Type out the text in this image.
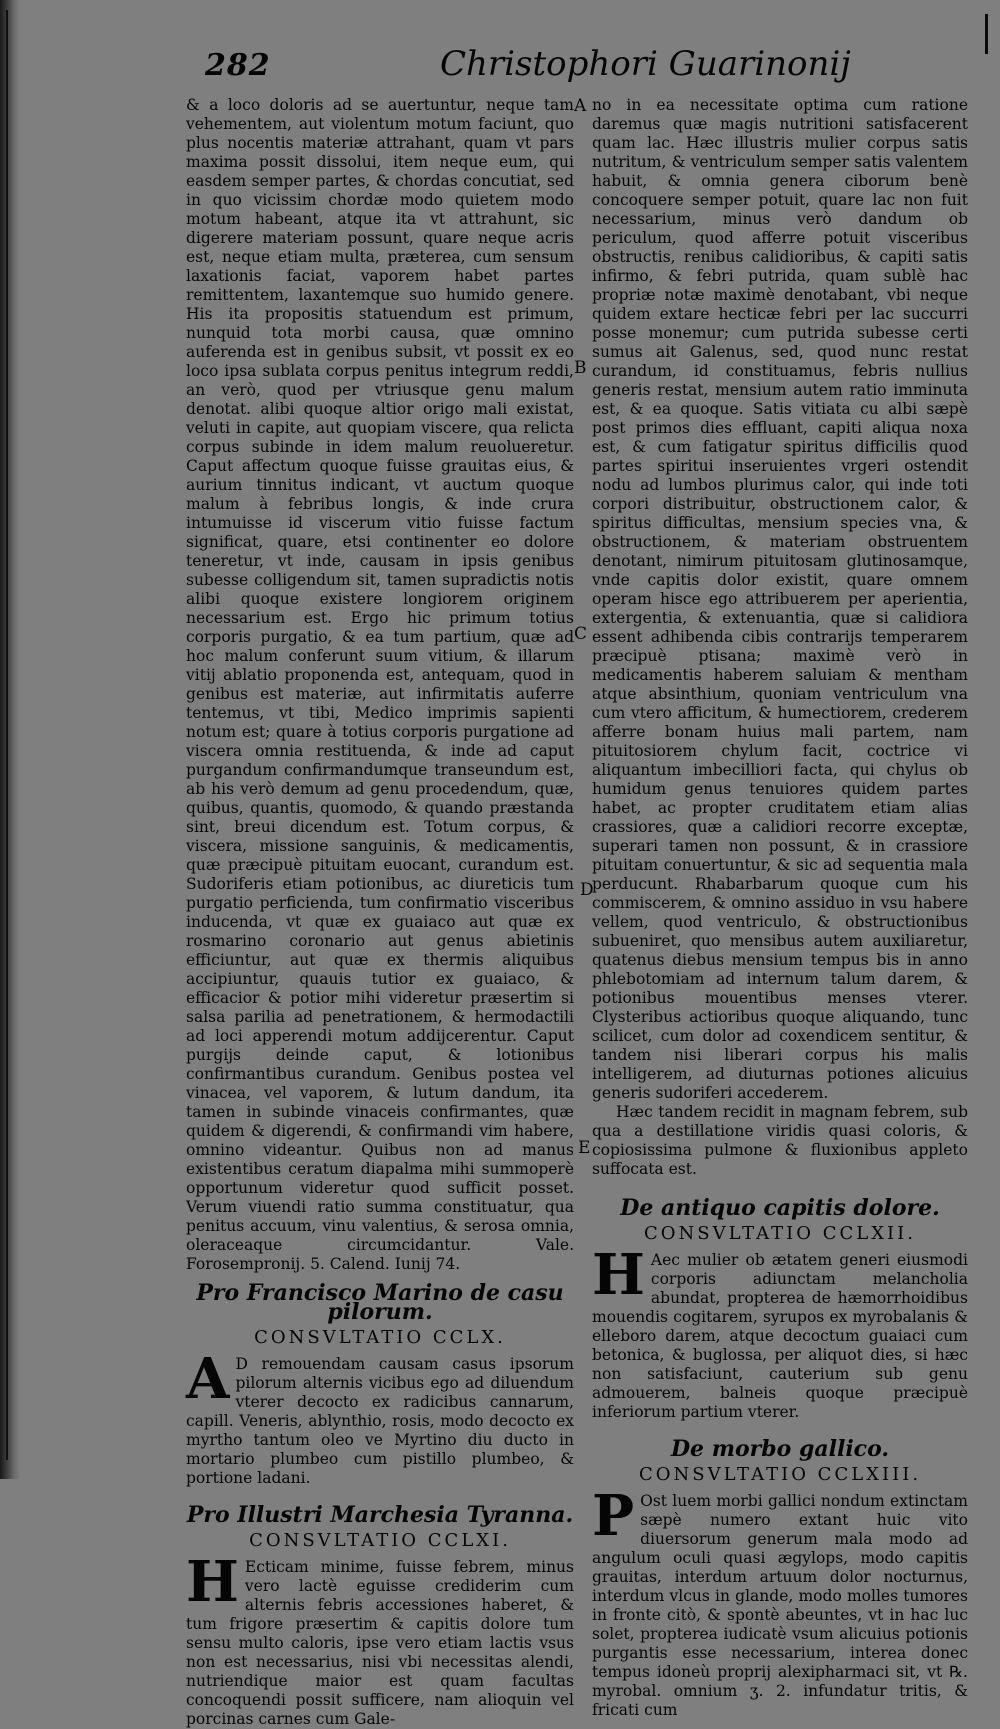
282	Christophori Guarinonij
A
B
C
D
E

& a loco doloris ad se auertuntur, neque tam vehementem, aut violentum motum faciunt, quo plus nocentis materiæ attrahant, quam vt pars maxima possit dissolui, item neque eum, qui easdem semper partes, & chordas concutiat, sed in quo vicissim chordæ modo quietem modo motum habeant, atque ita vt attrahunt, sic digerere materiam possunt, quare neque acris est, neque etiam multa, præterea, cum sensum laxationis faciat, vaporem habet partes remittentem, laxantemque suo humido genere. His ita propositis statuendum est primum, nunquid tota morbi causa, quæ omnino auferenda est in genibus subsit, vt possit ex eo loco ipsa sublata corpus penitus integrum reddi, an verò, quod per vtriusque genu malum denotat. alibi quoque altior origo mali existat, veluti in capite, aut quopiam viscere, qua relicta corpus subinde in idem malum reuolueretur. Caput affectum quoque fuisse grauitas eius, & aurium tinnitus indicant, vt auctum quoque malum à febribus longis, & inde crura intumuisse id viscerum vitio fuisse factum significat, quare, etsi continenter eo dolore teneretur, vt inde, causam in ipsis genibus subesse colligendum sit, tamen supradictis notis alibi quoque existere longiorem originem necessarium est. Ergo hic primum totius corporis purgatio, & ea tum partium, quæ ad hoc malum conferunt suum vitium, & illarum vitij ablatio proponenda est, antequam, quod in genibus est materiæ, aut infirmitatis auferre tentemus, vt tibi, Medico imprimis sapienti notum est; quare à totius corporis purgatione ad viscera omnia restituenda, & inde ad caput purgandum confirmandumque transeundum est, ab his verò demum ad genu procedendum, quæ, quibus, quantis, quomodo, & quando præstanda sint, breui dicendum est. Totum corpus, & viscera, missione sanguinis, & medicamentis, quæ præcipuè pituitam euocant, curandum est. Sudoriferis etiam potionibus, ac diureticis tum purgatio perficienda, tum confirmatio visceribus inducenda, vt quæ ex guaiaco aut quæ ex rosmarino coronario aut genus abietinis efficiuntur, aut quæ ex thermis aliquibus accipiuntur, quauis tutior ex guaiaco, & efficacior & potior mihi videretur præsertim si salsa parilia ad penetrationem, & hermodactili ad loci apperendi motum addijcerentur. Caput purgijs deinde caput, & lotionibus confirmantibus curandum. Genibus postea vel vinacea, vel vaporem, & lutum dandum, ita tamen in subinde vinaceis confirmantes, quæ quidem & digerendi, & confirmandi vim habere, omnino videantur. Quibus non ad manus existentibus ceratum diapalma mihi summoperè opportunum videretur quod sufficit posset. Verum viuendi ratio summa constituatur, qua penitus accuum, vinu valentius, & serosa omnia, oleraceaque circumcidantur. Vale. Forosempronij. 5. Calend. Iunij 74.

Pro Francisco Marino de casu pilorum.
CONSVLTATIO CCLX.

A D remouendam causam casus ipsorum pilorum alternis vicibus ego ad diluendum vterer decocto ex radicibus cannarum, capill. Veneris, ablynthio, rosis, modo decocto ex myrtho tantum oleo ve Myrtino diu ducto in mortario plumbeo cum pistillo plumbeo, & portione ladani.

Pro Illustri Marchesia Tyranna.
CONSVLTATIO CCLXI.

H Ecticam minime, fuisse febrem, minus vero lactè eguisse crediderim cum alternis febris accessiones haberet, & tum frigore præsertim & capitis dolore tum sensu multo caloris, ipse vero etiam lactis vsus non est necessarius, nisi vbi necessitas alendi, nutriendique maior est quam facultas concoquendi possit sufficere, nam alioquin vel porcinas carnes cum Gale-

no in ea necessitate optima cum ratione daremus quæ magis nutritioni satisfacerent quam lac. Hæc illustris mulier corpus satis nutritum, & ventriculum semper satis valentem habuit, & omnia genera ciborum benè concoquere semper potuit, quare lac non fuit necessarium, minus verò dandum ob periculum, quod afferre potuit visceribus obstructis, renibus calidioribus, & capiti satis infirmo, & febri putrida, quam sublè hac propriæ notæ maximè denotabant, vbi neque quidem extare hecticæ febri per lac succurri posse monemur; cum putrida subesse certi sumus ait Galenus, sed, quod nunc restat curandum, id constituamus, febris nullius generis restat, mensium autem ratio imminuta est, & ea quoque. Satis vitiata cu albi sæpè post primos dies effluant, capiti aliqua noxa est, & cum fatigatur spiritus difficilis quod partes spiritui inseruientes vrgeri ostendit nodu ad lumbos plurimus calor, qui inde toti corpori distribuitur, obstructionem calor, & spiritus difficultas, mensium species vna, & obstructionem, & materiam obstruentem denotant, nimirum pituitosam glutinosamque, vnde capitis dolor existit, quare omnem operam hisce ego attribuerem per aperientia, extergentia, & extenuantia, quæ si calidiora essent adhibenda cibis contrarijs temperarem præcipuè ptisana; maximè verò in medicamentis haberem saluiam & mentham atque absinthium, quoniam ventriculum vna cum vtero afficitum, & humectiorem, crederem afferre bonam huius mali partem, nam pituitosiorem chylum facit, coctrice vi aliquantum imbecilliori facta, qui chylus ob humidum genus tenuiores quidem partes habet, ac propter cruditatem etiam alias crassiores, quæ a calidiori recorre exceptæ, superari tamen non possunt, & in crassiore pituitam conuertuntur, & sic ad sequentia mala perducunt. Rhabarbarum quoque cum his commiscerem, & omnino assiduo in vsu habere vellem, quod ventriculo, & obstructionibus subueniret, quo mensibus autem auxiliaretur, quatenus diebus mensium tempus bis in anno phlebotomiam ad internum talum darem, & potionibus mouentibus menses vterer. Clysteribus actioribus quoque aliquando, tunc scilicet, cum dolor ad coxendicem sentitur, & tandem nisi liberari corpus his malis intelligerem, ad diuturnas potiones alicuius generis sudoriferi accederem.

Hæc tandem recidit in magnam febrem, sub qua a destillatione viridis quasi coloris, & copiosissima pulmone & fluxionibus appleto suffocata est.

De antiquo capitis dolore.
CONSVLTATIO CCLXII.

H Aec mulier ob ætatem generi eiusmodi corporis adiunctam melancholia abundat, propterea de hæmorrhoidibus mouendis cogitarem, syrupos ex myrobalanis & elleboro darem, atque decoctum guaiaci cum betonica, & buglossa, per aliquot dies, si hæc non satisfaciunt, cauterium sub genu admouerem, balneis quoque præcipuè inferiorum partium vterer.

De morbo gallico.
CONSVLTATIO CCLXIII.

P Ost luem morbi gallici nondum extinctam sæpè numero extant huic vito diuersorum generum mala modo ad angulum oculi quasi ægylops, modo capitis grauitas, interdum artuum dolor nocturnus, interdum vlcus in glande, modo molles tumores in fronte citò, & spontè abeuntes, vt in hac luc solet, propterea iudicatè vsum alicuius potionis purgantis esse necessarium, interea donec tempus idoneù proprij alexipharmaci sit, vt ℞. myrobal. omnium ʒ. 2. infundatur tritis, & fricati cum
